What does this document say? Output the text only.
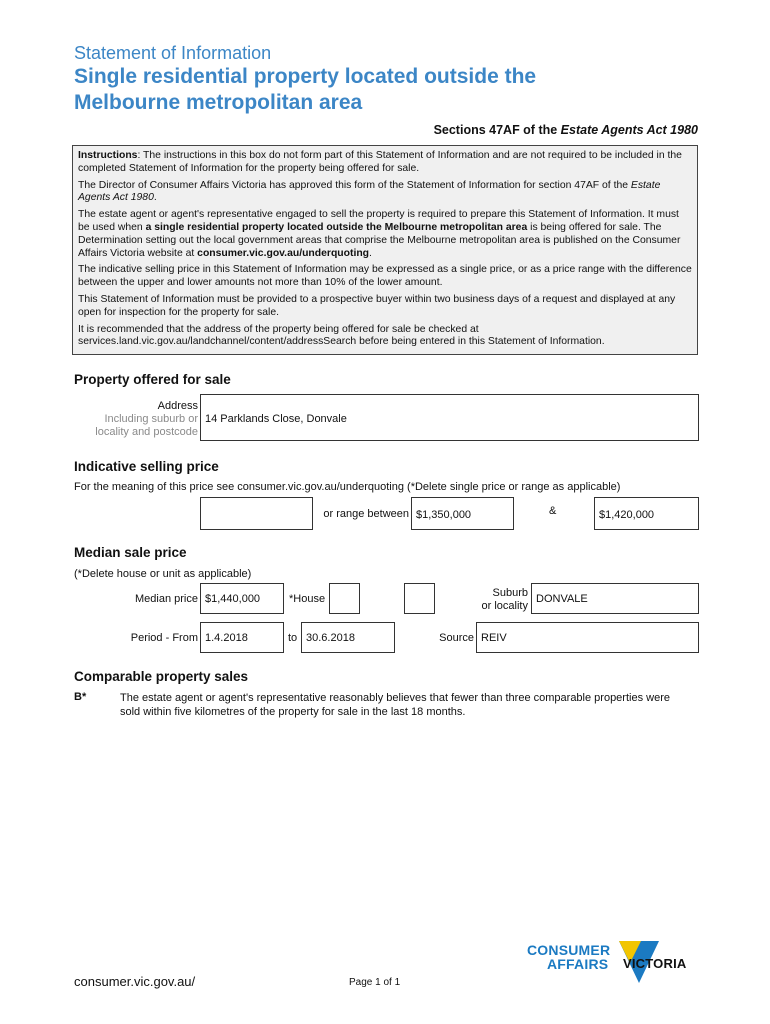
Statement of Information
Single residential property located outside the
Melbourne metropolitan area
Sections 47AF of the Estate Agents Act 1980

Instructions: The instructions in this box do not form part of this Statement of Information and are not required to be included in the completed Statement of Information for the property being offered for sale.

The Director of Consumer Affairs Victoria has approved this form of the Statement of Information for section 47AF of the Estate Agents Act 1980.

The estate agent or agent's representative engaged to sell the property is required to prepare this Statement of Information. It must be used when a single residential property located outside the Melbourne metropolitan area is being offered for sale. The Determination setting out the local government areas that comprise the Melbourne metropolitan area is published on the Consumer Affairs Victoria website at consumer.vic.gov.au/underquoting.

The indicative selling price in this Statement of Information may be expressed as a single price, or as a price range with the difference between the upper and lower amounts not more than 10% of the lower amount.

This Statement of Information must be provided to a prospective buyer within two business days of a request and displayed at any open for inspection for the property for sale.

It is recommended that the address of the property being offered for sale be checked at services.land.vic.gov.au/landchannel/content/addressSearch before being entered in this Statement of Information.

Property offered for sale
Address
Including suburb or
locality and postcode
14 Parklands Close, Donvale
Indicative selling price
For the meaning of this price see consumer.vic.gov.au/underquoting (*Delete single price or range as applicable)
or range between $1,350,000	&	$1,420,000
Median sale price
(*Delete house or unit as applicable)
Median price $1,440,000	*House	Suburb
or locality
DONVALE
Period - From 1.4.2018	to 30.6.2018	Source REIV
Comparable property sales
B*	The estate agent or agent's representative reasonably believes that fewer than three comparable properties were sold within five kilometres of the property for sale in the last 18 months.
consumer.vic.gov.au/	Page 1 of 1
CONSUMER
AFFAIRS VICTORIA
